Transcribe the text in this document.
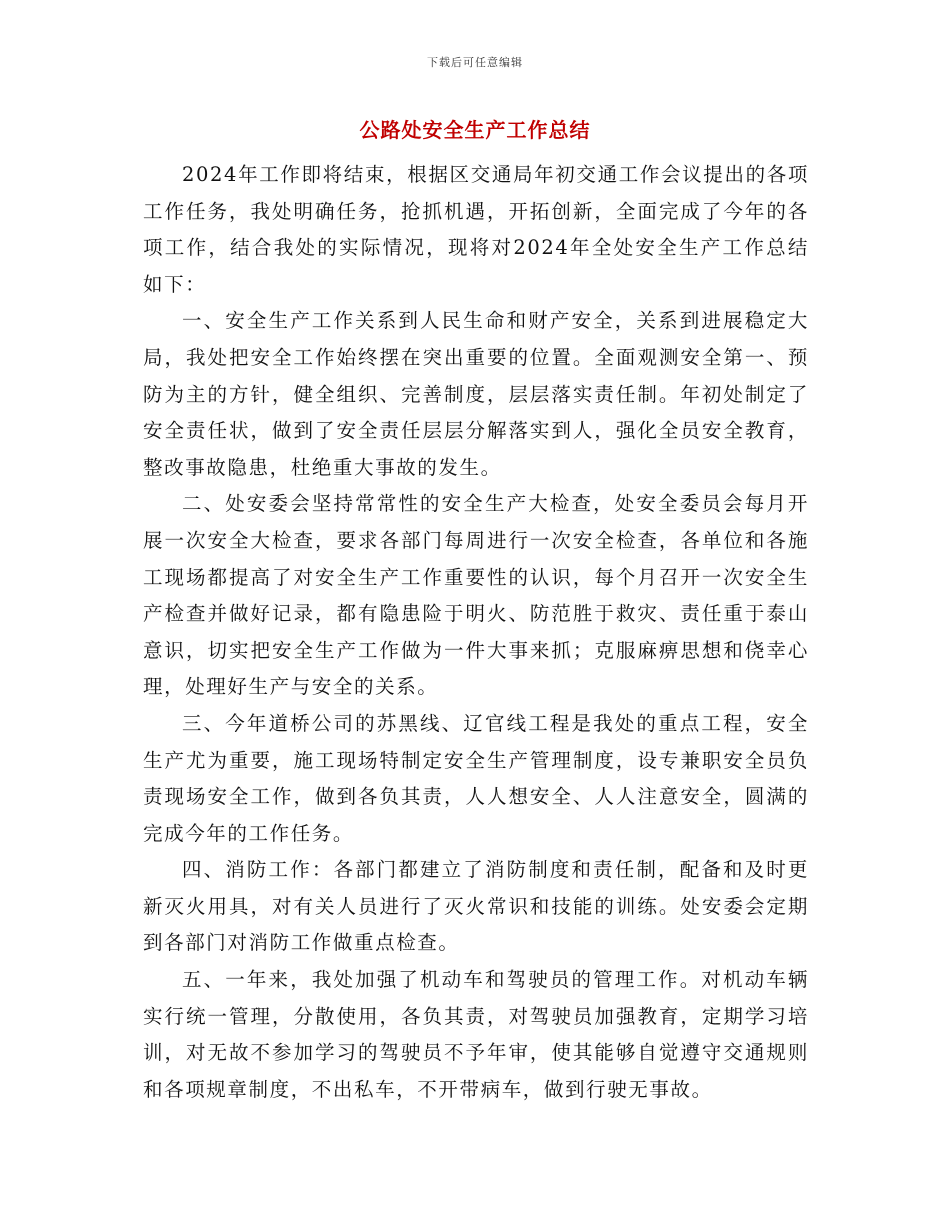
下载后可任意编辑
公路处安全生产工作总结

2024年工作即将结束，根据区交通局年初交通工作会议提出的各项工作任务，我处明确任务，抢抓机遇，开拓创新，全面完成了今年的各项工作，结合我处的实际情况，现将对2024年全处安全生产工作总结如下：

一、安全生产工作关系到人民生命和财产安全，关系到进展稳定大局，我处把安全工作始终摆在突出重要的位置。全面观测安全第一、预防为主的方针，健全组织、完善制度，层层落实责任制。年初处制定了安全责任状，做到了安全责任层层分解落实到人，强化全员安全教育，整改事故隐患，杜绝重大事故的发生。

二、处安委会坚持常常性的安全生产大检查，处安全委员会每月开展一次安全大检查，要求各部门每周进行一次安全检查，各单位和各施工现场都提高了对安全生产工作重要性的认识，每个月召开一次安全生产检查并做好记录，都有隐患险于明火、防范胜于救灾、责任重于泰山意识，切实把安全生产工作做为一件大事来抓；克服麻痹思想和侥幸心理，处理好生产与安全的关系。

三、今年道桥公司的苏黑线、辽官线工程是我处的重点工程，安全生产尤为重要，施工现场特制定安全生产管理制度，设专兼职安全员负责现场安全工作，做到各负其责，人人想安全、人人注意安全，圆满的完成今年的工作任务。

四、消防工作：各部门都建立了消防制度和责任制，配备和及时更新灭火用具，对有关人员进行了灭火常识和技能的训练。处安委会定期到各部门对消防工作做重点检查。

五、一年来，我处加强了机动车和驾驶员的管理工作。对机动车辆实行统一管理，分散使用，各负其责，对驾驶员加强教育，定期学习培训，对无故不参加学习的驾驶员不予年审，使其能够自觉遵守交通规则和各项规章制度，不出私车，不开带病车，做到行驶无事故。
